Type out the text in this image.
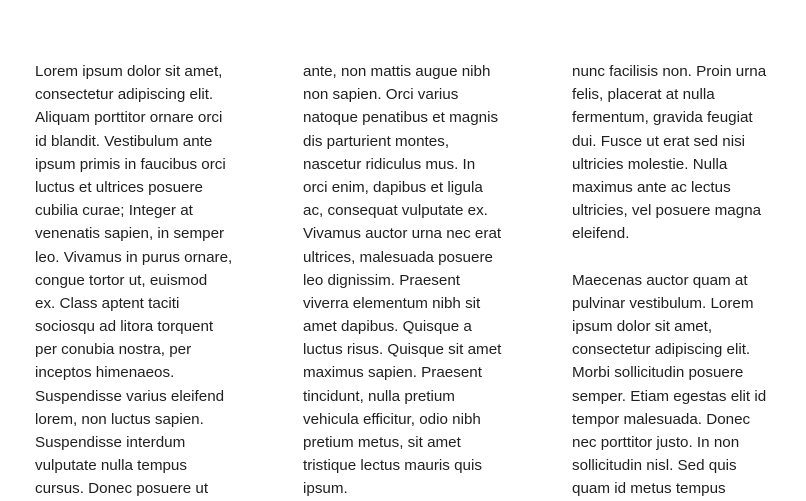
Lorem ipsum dolor sit amet,
consectetur adipiscing elit.
Aliquam porttitor ornare orci
id blandit. Vestibulum ante
ipsum primis in faucibus orci
luctus et ultrices posuere
cubilia curae; Integer at
venenatis sapien, in semper
leo. Vivamus in purus ornare,
congue tortor ut, euismod
ex. Class aptent taciti
sociosqu ad litora torquent
per conubia nostra, per
inceptos himenaeos.
Suspendisse varius eleifend
lorem, non luctus sapien.
Suspendisse interdum
vulputate nulla tempus
cursus. Donec posuere ut
ante, non mattis augue nibh
non sapien. Orci varius
natoque penatibus et magnis
dis parturient montes,
nascetur ridiculus mus. In
orci enim, dapibus et ligula
ac, consequat vulputate ex.
Vivamus auctor urna nec erat
ultrices, malesuada posuere
leo dignissim. Praesent
viverra elementum nibh sit
amet dapibus. Quisque a
luctus risus. Quisque sit amet
maximus sapien. Praesent
tincidunt, nulla pretium
vehicula efficitur, odio nibh
pretium metus, sit amet
tristique lectus mauris quis
ipsum.
nunc facilisis non. Proin urna
felis, placerat at nulla
fermentum, gravida feugiat
dui. Fusce ut erat sed nisi
ultricies molestie. Nulla
maximus ante ac lectus
ultricies, vel posuere magna
eleifend.
Maecenas auctor quam at
pulvinar vestibulum. Lorem
ipsum dolor sit amet,
consectetur adipiscing elit.
Morbi sollicitudin posuere
semper. Etiam egestas elit id
tempor malesuada. Donec
nec porttitor justo. In non
sollicitudin nisl. Sed quis
quam id metus tempus
